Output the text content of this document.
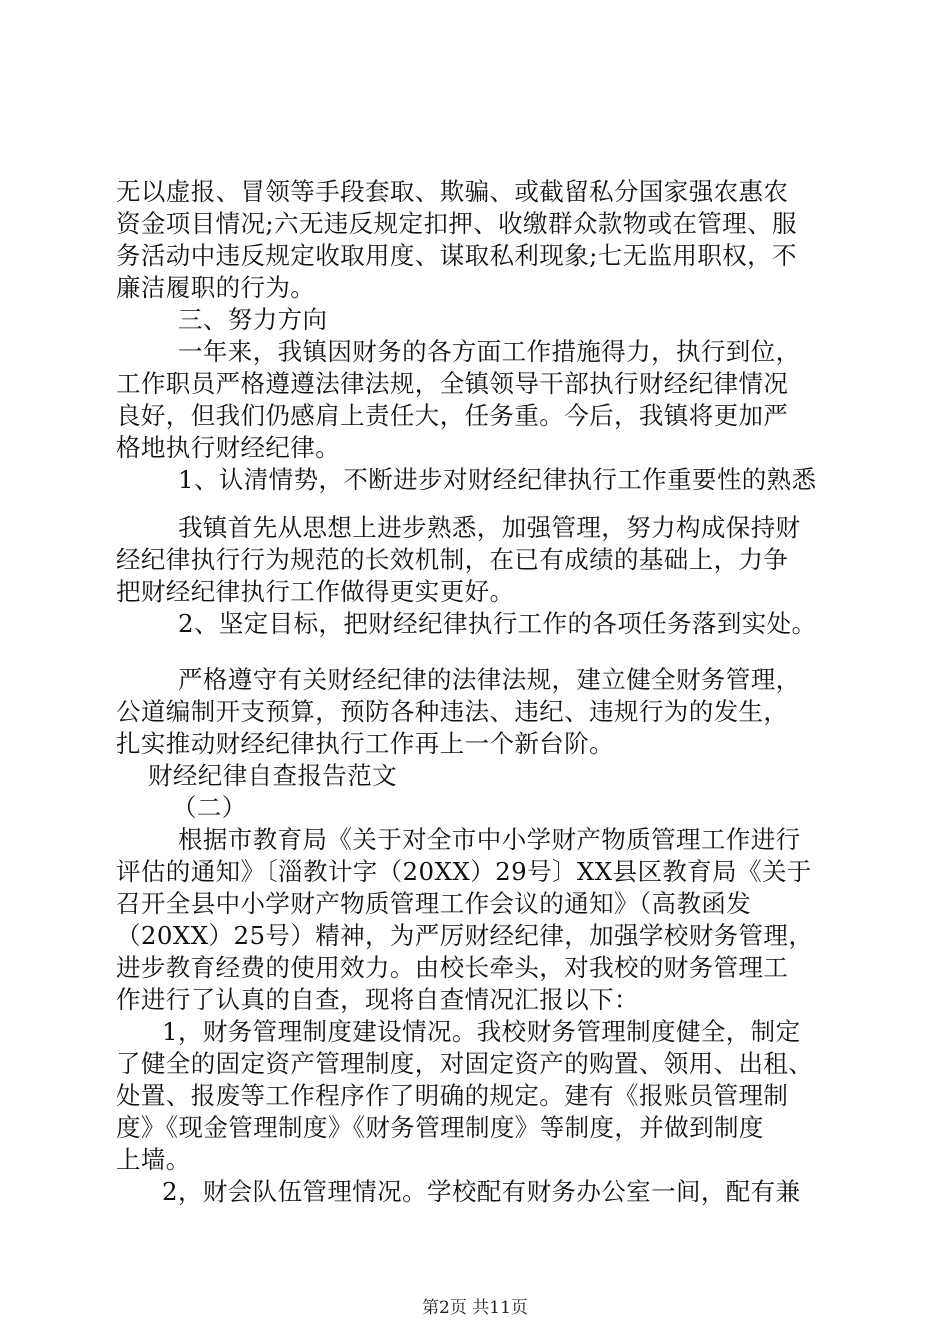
无以虚报、冒领等手段套取、欺骗、或截留私分国家强农惠农
资金项目情况;六无违反规定扣押、收缴群众款物或在管理、服
务活动中违反规定收取用度、谋取私利现象;七无监用职权，不
廉洁履职的行为。
三、努力方向
一年来，我镇因财务的各方面工作措施得力，执行到位，
工作职员严格遵遵法律法规，全镇领导干部执行财经纪律情况
良好，但我们仍感肩上责任大，任务重。今后，我镇将更加严
格地执行财经纪律。
1、认清情势，不断进步对财经纪律执行工作重要性的熟悉
我镇首先从思想上进步熟悉，加强管理，努力构成保持财
经纪律执行行为规范的长效机制，在已有成绩的基础上，力争
把财经纪律执行工作做得更实更好。
2、坚定目标，把财经纪律执行工作的各项任务落到实处。
严格遵守有关财经纪律的法律法规，建立健全财务管理，
公道编制开支预算，预防各种违法、违纪、违规行为的发生，
扎实推动财经纪律执行工作再上一个新台阶。
财经纪律自查报告范文
（二）
根据市教育局《关于对全市中小学财产物质管理工作进行
评估的通知》〔淄教计字（20XX）29号〕XX县区教育局《关于
召开全县中小学财产物质管理工作会议的通知》（高教函发
（20XX）25号）精神，为严厉财经纪律，加强学校财务管理，
进步教育经费的使用效力。由校长牵头，对我校的财务管理工
作进行了认真的自查，现将自查情况汇报以下：
1，财务管理制度建设情况。我校财务管理制度健全，制定
了健全的固定资产管理制度，对固定资产的购置、领用、出租、
处置、报废等工作程序作了明确的规定。建有《报账员管理制
度》《现金管理制度》《财务管理制度》等制度，并做到制度
上墙。
2，财会队伍管理情况。学校配有财务办公室一间，配有兼
第2页 共11页
